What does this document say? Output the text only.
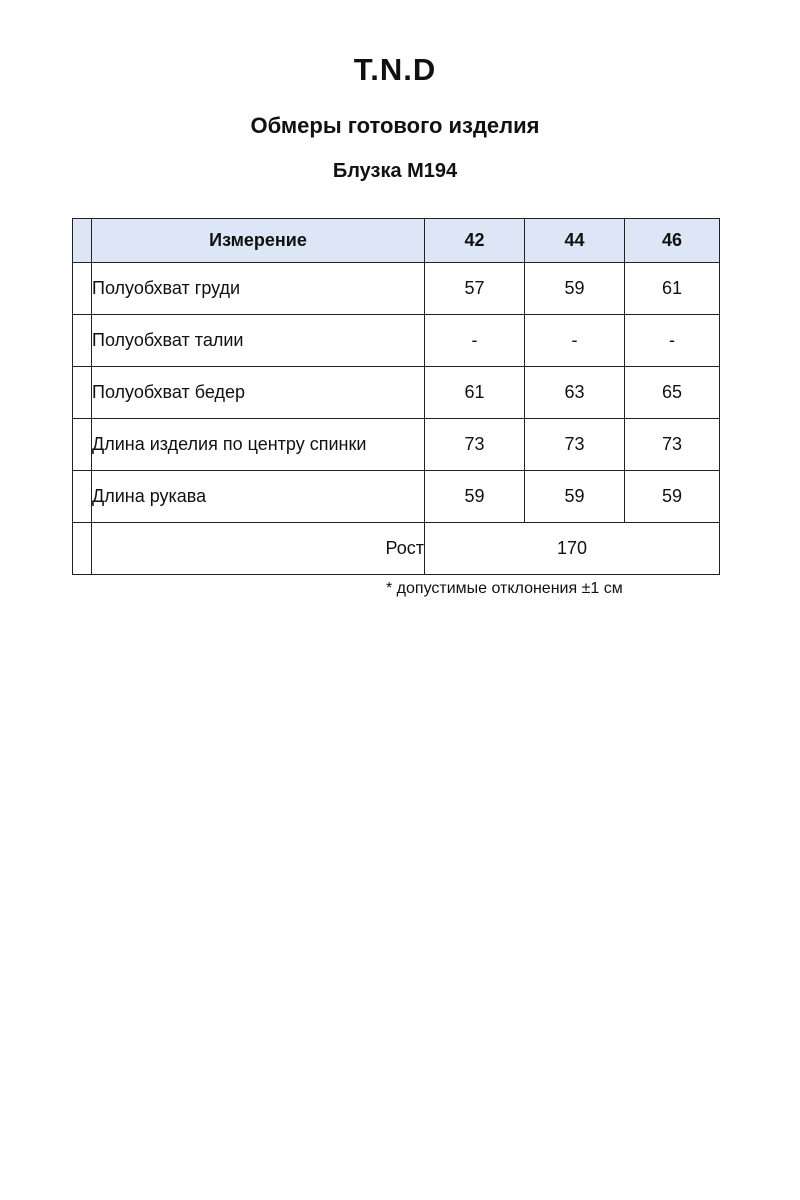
T.N.D
Обмеры готового изделия
Блузка М194
	Измерение	42	44	46
	Полуобхват груди	57	59	61
	Полуобхват талии	-	-	-
	Полуобхват бедер	61	63	65
	Длина изделия по центру спинки	73	73	73
	Длина рукава	59	59	59
	Рост	170		
* допустимые отклонения ±1 см
